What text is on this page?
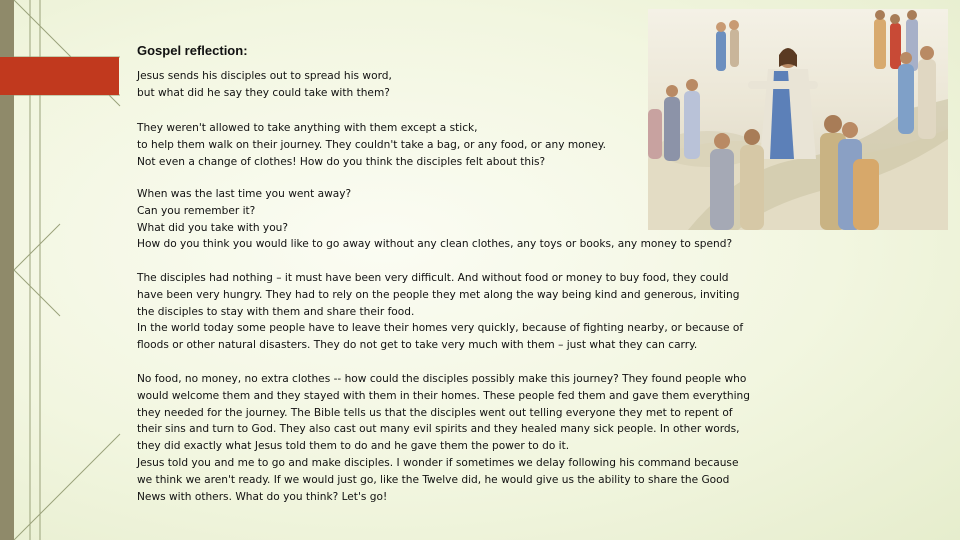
Gospel reflection:

Jesus sends his disciples out to spread his word,
but what did he say they could take with them?

They weren't allowed to take anything with them except a stick,
to help them walk on their journey. They couldn't take a bag, or any food, or any money.
Not even a change of clothes! How do you think the disciples felt about this?

When was the last time you went away?
Can you remember it?
What did you take with you?
How do you think you would like to go away without any clean clothes, any toys or books, any money to spend?

The disciples had nothing – it must have been very difficult. And without food or money to buy food, they could
have been very hungry. They had to rely on the people they met along the way being kind and generous, inviting
the disciples to stay with them and share their food.
In the world today some people have to leave their homes very quickly, because of fighting nearby, or because of
floods or other natural disasters. They do not get to take very much with them – just what they can carry.

No food, no money, no extra clothes -- how could the disciples possibly make this journey? They found people who
would welcome them and they stayed with them in their homes. These people fed them and gave them everything
they needed for the journey. The Bible tells us that the disciples went out telling everyone they met to repent of
their sins and turn to God. They also cast out many evil spirits and they healed many sick people. In other words,
they did exactly what Jesus told them to do and he gave them the power to do it.
Jesus told you and me to go and make disciples. I wonder if sometimes we delay following his command because
we think we aren't ready. If we would just go, like the Twelve did, he would give us the ability to share the Good
News with others. What do you think? Let's go!
